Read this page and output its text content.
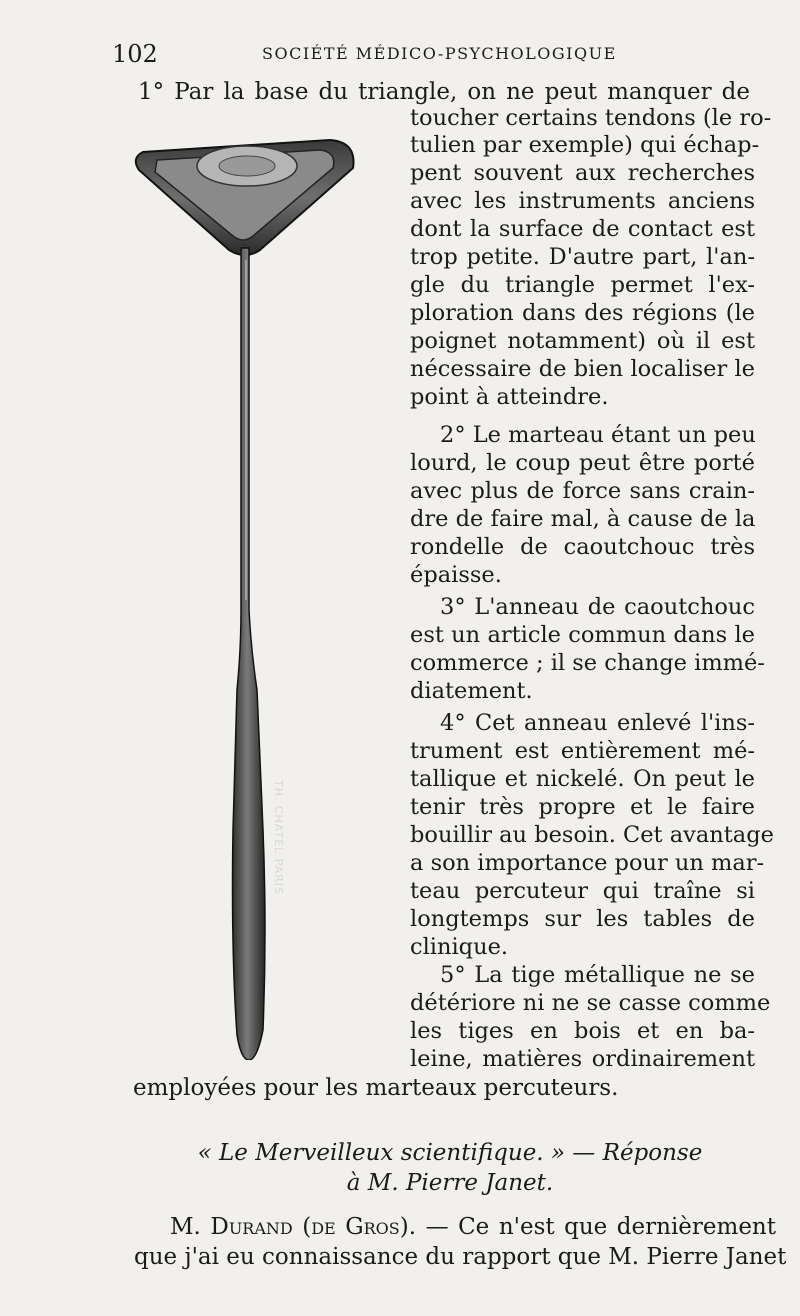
102	SOCIÉTÉ MÉDICO-PSYCHOLOGIQUE
TH. CHATEL PARIS
1° Par la base du triangle, on ne peut manquer de
toucher certains tendons (le ro-
tulien par exemple) qui échap-
pent souvent aux recherches
avec les instruments anciens
dont la surface de contact est
trop petite. D'autre part, l'an-
gle du triangle permet l'ex-
ploration dans des régions (le
poignet notamment) où il est
nécessaire de bien localiser le
point à atteindre.
2° Le marteau étant un peu
lourd, le coup peut être porté
avec plus de force sans crain-
dre de faire mal, à cause de la
rondelle de caoutchouc très
épaisse.
3° L'anneau de caoutchouc
est un article commun dans le
commerce ; il se change immé-
diatement.
4° Cet anneau enlevé l'ins-
trument est entièrement mé-
tallique et nickelé. On peut le
tenir très propre et le faire
bouillir au besoin. Cet avantage
a son importance pour un mar-
teau percuteur qui traîne si
longtemps sur les tables de
clinique.
5° La tige métallique ne se
détériore ni ne se casse comme
les tiges en bois et en ba-
leine, matières ordinairement
employées pour les marteaux percuteurs.
« Le Merveilleux scientifique. » — Réponse
à M. Pierre Janet.
M. Durand (de Gros). — Ce n'est que dernièrement
que j'ai eu connaissance du rapport que M. Pierre Janet
